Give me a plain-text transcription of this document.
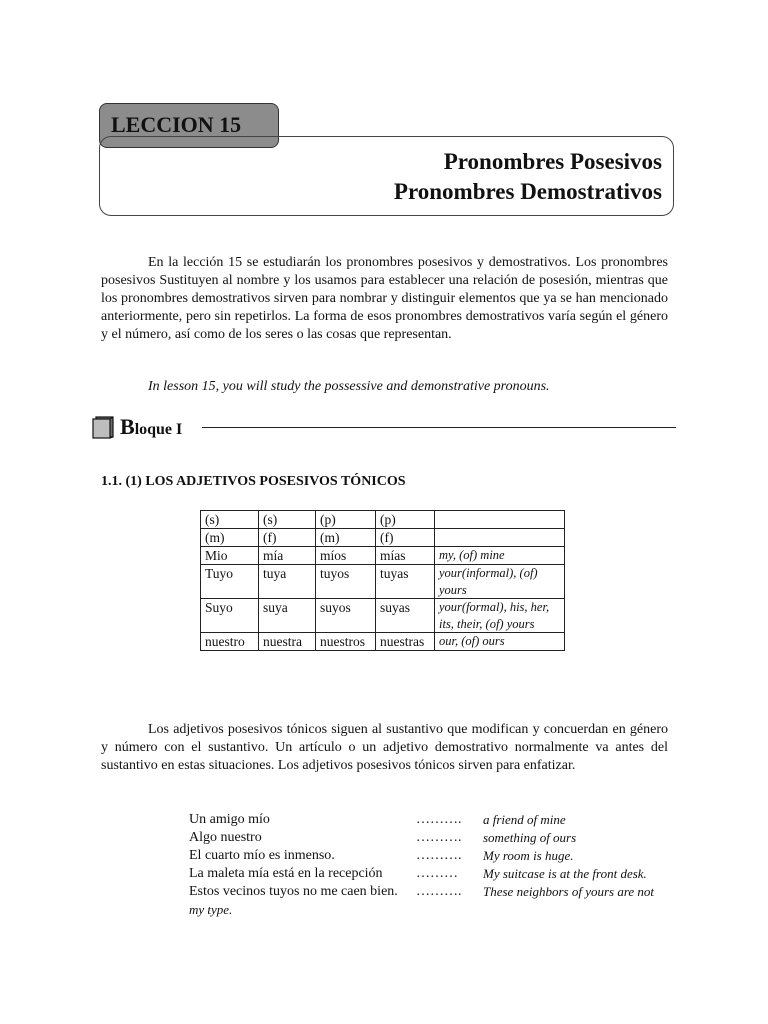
LECCION 15
Pronombres Posesivos
Pronombres Demostrativos

En la lección 15 se estudiarán los pronombres posesivos y demostrativos. Los pronombres posesivos Sustituyen al nombre y los usamos para establecer una relación de posesión, mientras que los pronombres demostrativos sirven para nombrar y distinguir elementos que ya se han mencionado anteriormente, pero sin repetirlos. La forma de esos pronombres demostrativos varía según el género y el número, así como de los seres o las cosas que representan.

In lesson 15, you will study the possessive and demonstrative pronouns.

Bloque I

1.1. (1) LOS ADJETIVOS POSESIVOS TÓNICOS

(s)	(s)	(p)	(p)	
(m)	(f)	(m)	(f)	
Mio	mía	míos	mías	my, (of) mine
Tuyo	tuya	tuyos	tuyas	your(informal), (of) yours
Suyo	suya	suyos	suyas	your(formal), his, her, its, their, (of) yours
nuestro	nuestra	nuestros	nuestras	our, (of) ours

Los adjetivos posesivos tónicos siguen al sustantivo que modifican y concuerdan en género y número con el sustantivo. Un artículo o un adjetivo demostrativo normalmente va antes del sustantivo en estas situaciones. Los adjetivos posesivos tónicos sirven para enfatizar.

Un amigo mío	………. a friend of mine
Algo nuestro	………. something of ours
El cuarto mío es inmenso.	………. My room is huge.
La maleta mía está en la recepción ……… My suitcase is at the front desk.
Estos vecinos tuyos no me caen bien. ………. These neighbors of yours are not
my type.
